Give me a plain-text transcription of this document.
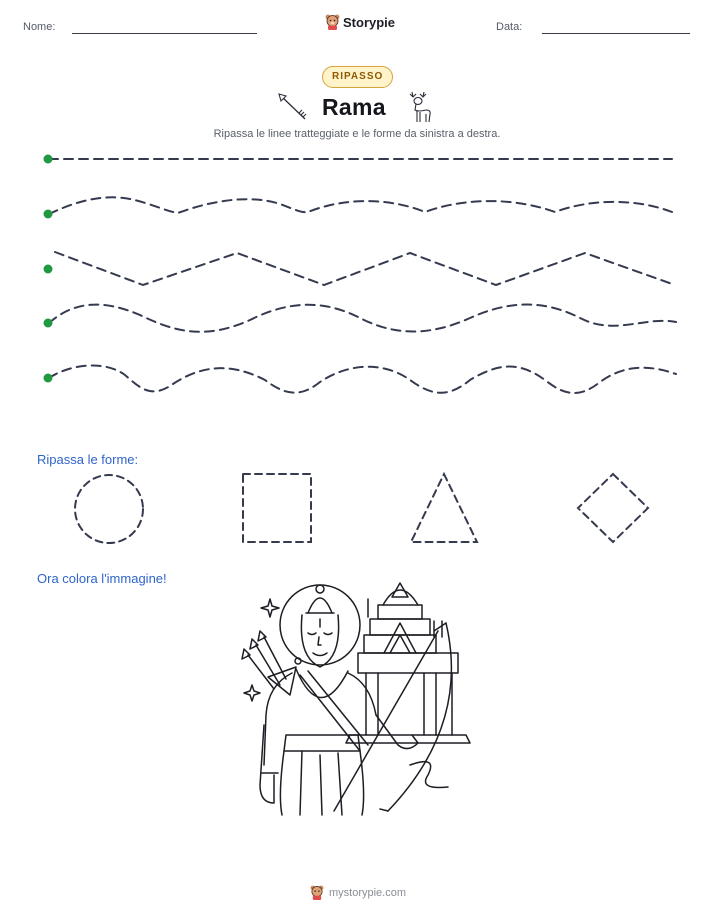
Nome:	Storypie	Data:
RIPASSO
Rama
Ripassa le linee tratteggiate e le forme da sinistra a destra.
Ripassa le forme:
Ora colora l'immagine!
mystorypie.com
